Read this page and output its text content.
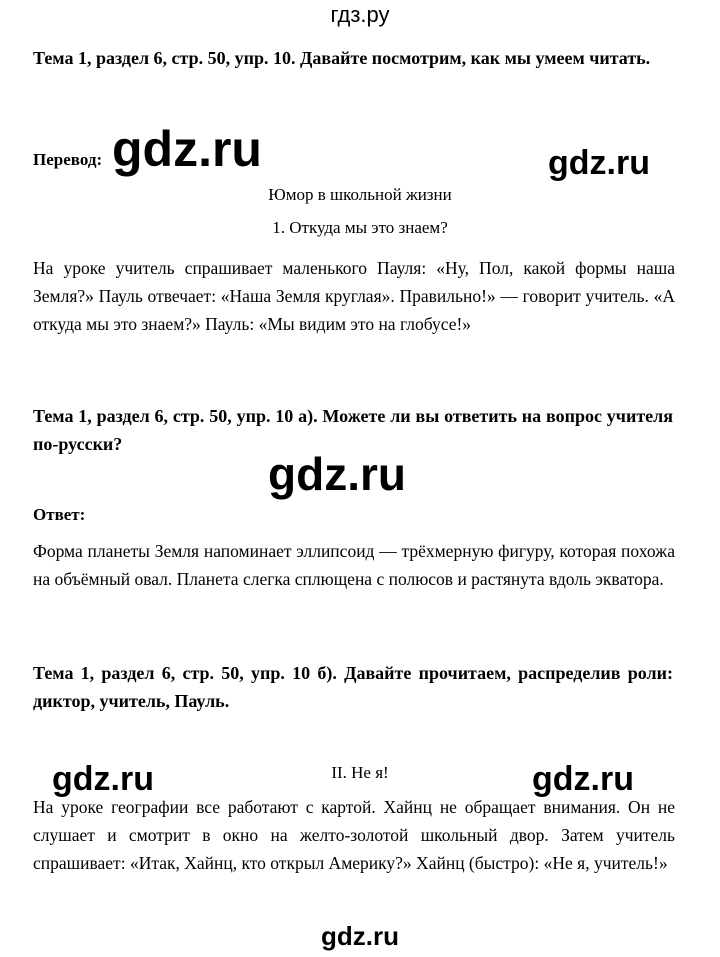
гдз.ру
Тема 1, раздел 6, стр. 50, упр. 10. Давайте посмотрим, как мы умеем читать.
Перевод: gdz.ru	gdz.ru
Юмор в школьной жизни
1. Откуда мы это знаем?
На уроке учитель спрашивает маленького Пауля: «Ну, Пол, какой формы наша Земля?» Пауль отвечает: «Наша Земля круглая». Правильно!» — говорит учитель. «А откуда мы это знаем?» Пауль: «Мы видим это на глобусе!»
Тема 1, раздел 6, стр. 50, упр. 10 а). Можете ли вы ответить на вопрос учителя по-русски?
gdz.ru
Ответ:
Форма планеты Земля напоминает эллипсоид — трёхмерную фигуру, которая похожа на объёмный овал. Планета слегка сплющена с полюсов и растянута вдоль экватора.
Тема 1, раздел 6, стр. 50, упр. 10 б). Давайте прочитаем, распределив роли: диктор, учитель, Пауль.
gdz.ru	II. Не я!	gdz.ru
На уроке географии все работают с картой. Хайнц не обращает внимания. Он не слушает и смотрит в окно на желто-золотой школьный двор. Затем учитель спрашивает: «Итак, Хайнц, кто открыл Америку?» Хайнц (быстро): «Не я, учитель!»
gdz.ru
